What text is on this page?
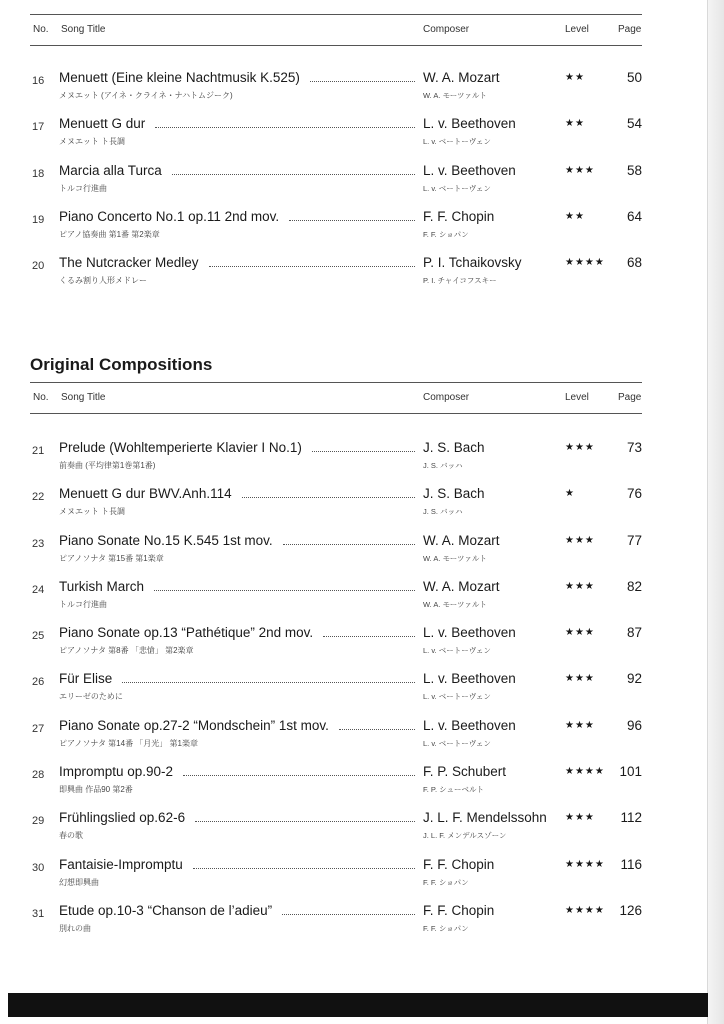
No. Song Title	Composer	Level	Page
16 Menuett (Eine kleine Nachtmusik K.525)
メヌエット (アイネ・クライネ・ナハトムジーク)
W. A. Mozart
W. A. モーツァルト
★★	50
17 Menuett G dur
メヌエット ト長調
L. v. Beethoven
L. v. ベートーヴェン
★★	54
18 Marcia alla Turca
トルコ行進曲
L. v. Beethoven
L. v. ベートーヴェン
★★★ 58
19 Piano Concerto No.1 op.11 2nd mov.
ピアノ協奏曲 第1番 第2楽章
F. F. Chopin
F. F. ショパン
★★	64
20 The Nutcracker Medley
くるみ割り人形メドレー
P. I. Tchaikovsky
P. I. チャイコフスキー
★★★★ 68
Original Compositions
No. Song Title	Composer	Level	Page
21 Prelude (Wohltemperierte Klavier I No.1)
前奏曲 (平均律第1巻第1番)
J. S. Bach
J. S. バッハ
★★★ 73
22 Menuett G dur BWV.Anh.114
メヌエット ト長調
J. S. Bach
J. S. バッハ
★	76
23 Piano Sonate No.15 K.545 1st mov.
ピアノソナタ 第15番 第1楽章
W. A. Mozart
W. A. モーツァルト
★★★ 77
24 Turkish March
トルコ行進曲
W. A. Mozart
W. A. モーツァルト
★★★ 82
25 Piano Sonate op.13 “Pathétique” 2nd mov.
ピアノソナタ 第8番 「悲愴」 第2楽章
L. v. Beethoven
L. v. ベートーヴェン
★★★ 87
26 Für Elise
エリーゼのために
L. v. Beethoven
L. v. ベートーヴェン
★★★ 92
27 Piano Sonate op.27-2 “Mondschein” 1st mov.
ピアノソナタ 第14番 「月光」 第1楽章
L. v. Beethoven
L. v. ベートーヴェン
★★★ 96
28 Impromptu op.90-2
即興曲 作品90 第2番
F. P. Schubert
F. P. シューベルト
★★★★ 101
29 Frühlingslied op.62-6
春の歌
J. L. F. Mendelssohn
J. L. F. メンデルスゾーン
★★★ 112
30 Fantaisie-Impromptu
幻想即興曲
F. F. Chopin
F. F. ショパン
★★★★ 116
31 Etude op.10-3 “Chanson de l’adieu”
別れの曲
F. F. Chopin
F. F. ショパン
★★★★ 126
